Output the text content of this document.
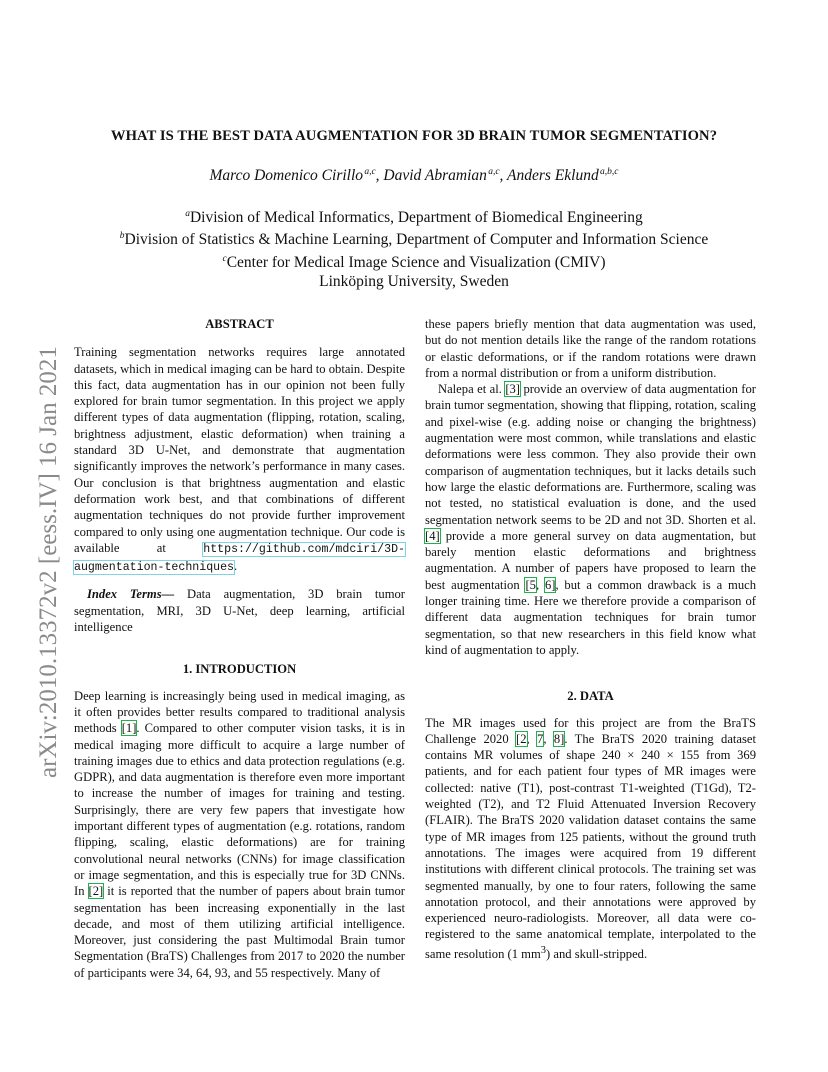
arXiv:2010.13372v2 [eess.IV] 16 Jan 2021
WHAT IS THE BEST DATA AUGMENTATION FOR 3D BRAIN TUMOR SEGMENTATION?
Marco Domenico Cirillo $^{a,c}$, David Abramian $^{a,c}$, Anders Eklund $^{a,b,c}$
$^a$Division of Medical Informatics, Department of Biomedical Engineering
$^b$Division of Statistics & Machine Learning, Department of Computer and Information Science
$^c$Center for Medical Image Science and Visualization (CMIV)
Linköping University, Sweden
ABSTRACT

Training segmentation networks requires large annotated datasets, which in medical imaging can be hard to obtain. Despite this fact, data augmentation has in our opinion not been fully explored for brain tumor segmentation. In this project we apply different types of data augmentation (flipping, rotation, scaling, brightness adjustment, elastic deformation) when training a standard 3D U-Net, and demonstrate that augmentation significantly improves the network’s performance in many cases. Our conclusion is that brightness augmentation and elastic deformation work best, and that combinations of different augmentation techniques do not provide further improvement compared to only using one augmentation technique. Our code is available at https://github.com/mdciri/3D-augmentation-techniques.

Index Terms— Data augmentation, 3D brain tumor segmentation, MRI, 3D U-Net, deep learning, artificial intelligence

1. INTRODUCTION

Deep learning is increasingly being used in medical imaging, as it often provides better results compared to traditional analysis methods [1]. Compared to other computer vision tasks, it is in medical imaging more difficult to acquire a large number of training images due to ethics and data protection regulations (e.g. GDPR), and data augmentation is therefore even more important to increase the number of images for training and testing. Surprisingly, there are very few papers that investigate how important different types of augmentation (e.g. rotations, random flipping, scaling, elastic deformations) are for training convolutional neural networks (CNNs) for image classification or image segmentation, and this is especially true for 3D CNNs. In [2] it is reported that the number of papers about brain tumor segmentation has been increasing exponentially in the last decade, and most of them utilizing artificial intelligence. Moreover, just considering the past Multimodal Brain tumor Segmentation (BraTS) Challenges from 2017 to 2020 the number of participants were 34, 64, 93, and 55 respectively. Many of

these papers briefly mention that data augmentation was used, but do not mention details like the range of the random rotations or elastic deformations, or if the random rotations were drawn from a normal distribution or from a uniform distribution.

Nalepa et al. [3] provide an overview of data augmentation for brain tumor segmentation, showing that flipping, rotation, scaling and pixel-wise (e.g. adding noise or changing the brightness) augmentation were most common, while translations and elastic deformations were less common. They also provide their own comparison of augmentation techniques, but it lacks details such how large the elastic deformations are. Furthermore, scaling was not tested, no statistical evaluation is done, and the used segmentation network seems to be 2D and not 3D. Shorten et al. [4] provide a more general survey on data augmentation, but barely mention elastic deformations and brightness augmentation. A number of papers have proposed to learn the best augmentation [5, 6], but a common drawback is a much longer training time. Here we therefore provide a comparison of different data augmentation techniques for brain tumor segmentation, so that new researchers in this field know what kind of augmentation to apply.

2. DATA

The MR images used for this project are from the BraTS Challenge 2020 [2, 7, 8]. The BraTS 2020 training dataset contains MR volumes of shape 240 × 240 × 155 from 369 patients, and for each patient four types of MR images were collected: native (T1), post-contrast T1-weighted (T1Gd), T2-weighted (T2), and T2 Fluid Attenuated Inversion Recovery (FLAIR). The BraTS 2020 validation dataset contains the same type of MR images from 125 patients, without the ground truth annotations. The images were acquired from 19 different institutions with different clinical protocols. The training set was segmented manually, by one to four raters, following the same annotation protocol, and their annotations were approved by experienced neuro-radiologists. Moreover, all data were co-registered to the same anatomical template, interpolated to the same resolution (1 $mm^3$) and skull-stripped.
